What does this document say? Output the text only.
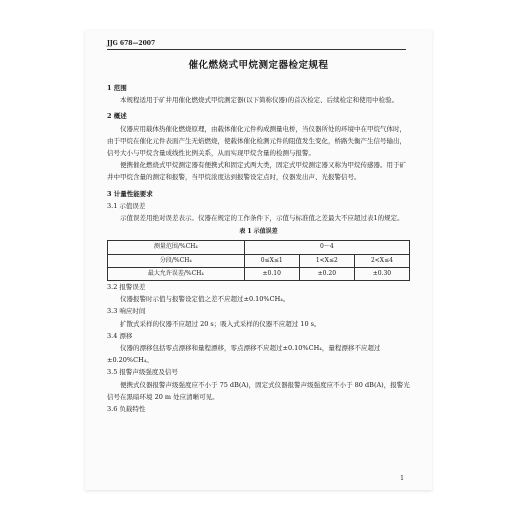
JJG 678—2007
催化燃烧式甲烷测定器检定规程
1 范围
本规程适用于矿井用催化燃烧式甲烷测定器(以下简称仪器)的首次检定、后续检定和使用中检验。
2 概述
仪器应用载体热催化燃烧原理，由载体催化元件构成测量电桥，当仪器所处的环境中在甲烷气体时，由于甲烷在催化元件表面产生无焰燃烧，使载体催化检测元件的阻值发生变化，桥路失衡产生信号输出，信号大小与甲烷含量成线性比例关系，从而实现甲烷含量的检测与报警。
便携催化燃烧式甲烷测定器有便携式和固定式两大类，固定式甲烷测定器又称为甲烷传感器。用于矿井中甲烷含量的测定和报警，当甲烷浓度达到报警设定点时，仪器发出声、光报警信号。
3 计量性能要求
3.1 示值误差
示值误差用绝对误差表示。仪器在规定的工作条件下，示值与标准值之差最大不应超过表1的规定。
表 1 示值误差
测量范围/%CH₄	0～4		
分段/%CH₄	0≤X≤1	1<X≤2	2<X≤4
最大允许误差/%CH₄	±0.10	±0.20	±0.30
3.2 报警误差
仪器报警时示值与报警设定值之差不应超过±0.10%CH₄。
3.3 响应时间
扩散式采样的仪器不应超过 20 s；吸入式采样的仪器不应超过 10 s。
3.4 漂移
仪器的漂移包括零点漂移和量程漂移，零点漂移不应超过±0.10%CH₄，量程漂移不应超过±0.20%CH₄。
3.5 报警声级强度及信号
便携式仪器报警声级强度应不小于 75 dB(A)，固定式仪器报警声级强度应不小于 80 dB(A)，报警光信号在黑暗环境 20 m 处应清晰可见。
3.6 负载特性
1
